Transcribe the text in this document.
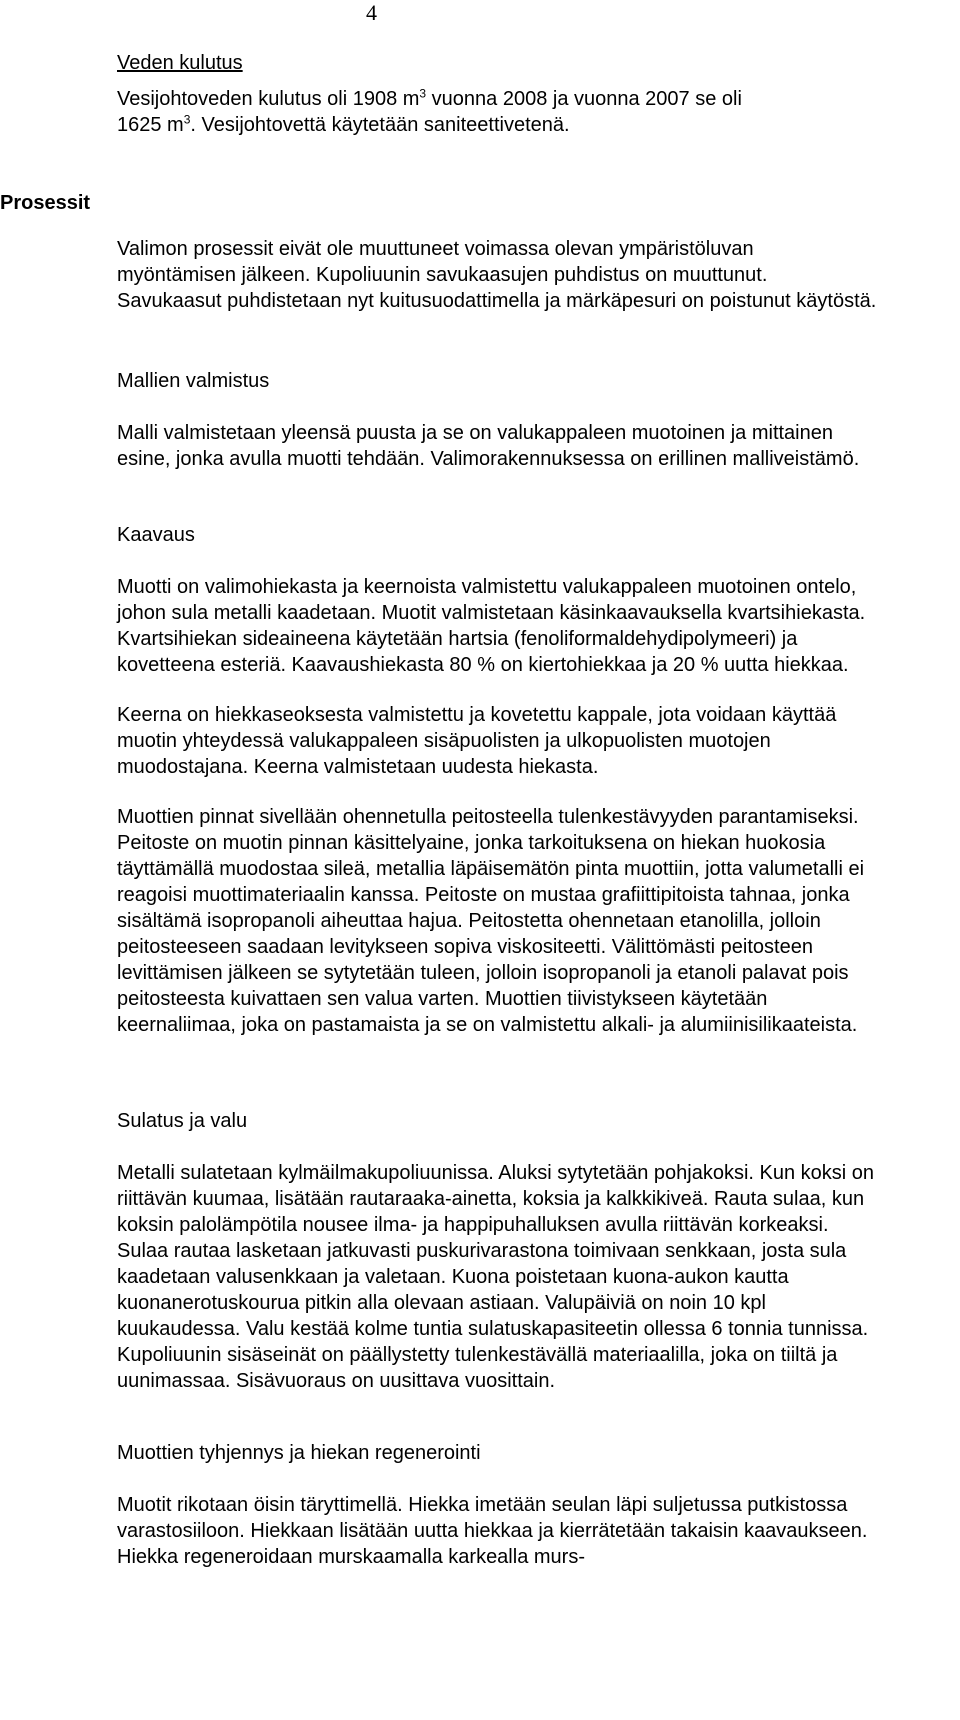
4

Veden kulutus

Vesijohtoveden kulutus oli 1908 $m^3$ vuonna 2008 ja vuonna 2007 se oli
1625 $m^3$. Vesijohtovettä käytetään saniteettivetenä.

Prosessit

Valimon prosessit eivät ole muuttuneet voimassa olevan ympäristöluvan myöntämisen jälkeen. Kupoliuunin savukaasujen puhdistus on muuttunut. Savukaasut puhdistetaan nyt kuitusuodattimella ja märkäpesuri on poistunut käytöstä.

Mallien valmistus

Malli valmistetaan yleensä puusta ja se on valukappaleen muotoinen ja mittainen esine, jonka avulla muotti tehdään. Valimorakennuksessa on erillinen malliveistämö.

Kaavaus

Muotti on valimohiekasta ja keernoista valmistettu valukappaleen muotoinen ontelo, johon sula metalli kaadetaan. Muotit valmistetaan käsinkaavauksella kvartsihiekasta. Kvartsihiekan sideaineena käytetään hartsia (fenoliformaldehydipolymeeri) ja kovetteena esteriä. Kaavaushiekasta 80 % on kiertohiekkaa ja 20 % uutta hiekkaa.

Keerna on hiekkaseoksesta valmistettu ja kovetettu kappale, jota voidaan käyttää muotin yhteydessä valukappaleen sisäpuolisten ja ulkopuolisten muotojen muodostajana. Keerna valmistetaan uudesta hiekasta.

Muottien pinnat sivellään ohennetulla peitosteella tulenkestävyyden parantamiseksi. Peitoste on muotin pinnan käsittelyaine, jonka tarkoituksena on hiekan huokosia täyttämällä muodostaa sileä, metallia läpäisemätön pinta muottiin, jotta valumetalli ei reagoisi muottimateriaalin kanssa. Peitoste on mustaa grafiittipitoista tahnaa, jonka sisältämä isopropanoli aiheuttaa hajua. Peitostetta ohennetaan etanolilla, jolloin peitosteeseen saadaan levitykseen sopiva viskositeetti. Välittömästi peitosteen levittämisen jälkeen se sytytetään tuleen, jolloin isopropanoli ja etanoli palavat pois peitosteesta kuivattaen sen valua varten. Muottien tiivistykseen käytetään keernaliimaa, joka on pastamaista ja se on valmistettu alkali- ja alumiinisilikaateista.

Sulatus ja valu

Metalli sulatetaan kylmäilmakupoliuunissa. Aluksi sytytetään pohjakoksi. Kun koksi on riittävän kuumaa, lisätään rautaraaka-ainetta, koksia ja kalkkikiveä. Rauta sulaa, kun koksin palolämpötila nousee ilma- ja happipuhalluksen avulla riittävän korkeaksi. Sulaa rautaa lasketaan jatkuvasti puskurivarastona toimivaan senkkaan, josta sula kaadetaan valusenkkaan ja valetaan. Kuona poistetaan kuona-aukon kautta kuonanerotuskourua pitkin alla olevaan astiaan. Valupäiviä on noin 10 kpl kuukaudessa. Valu kestää kolme tuntia sulatuskapasiteetin ollessa 6 tonnia tunnissa. Kupoliuunin sisäseinät on päällystetty tulenkestävällä materiaalilla, joka on tiiltä ja uunimassaa. Sisävuoraus on uusittava vuosittain.

Muottien tyhjennys ja hiekan regenerointi

Muotit rikotaan öisin täryttimellä. Hiekka imetään seulan läpi suljetussa putkistossa varastosiiloon. Hiekkaan lisätään uutta hiekkaa ja kierrätetään takaisin kaavaukseen. Hiekka regeneroidaan murskaamalla karkealla murs-
